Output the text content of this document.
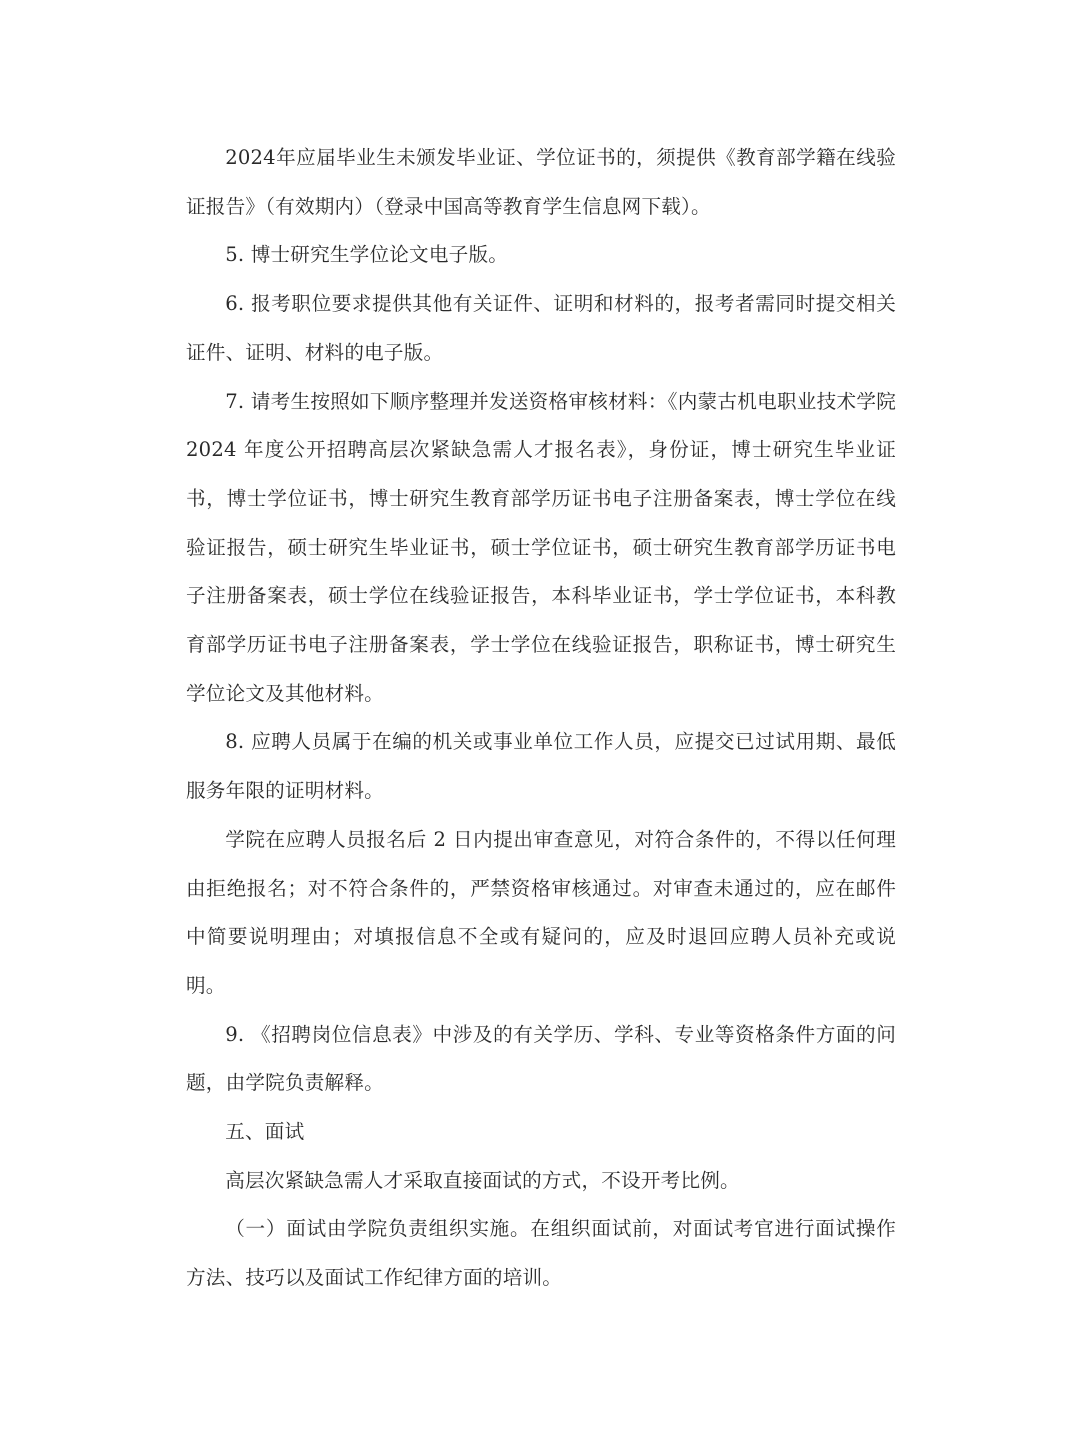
2024年应届毕业生未颁发毕业证、学位证书的，须提供《教育部学籍在线验证报告》（有效期内）（登录中国高等教育学生信息网下载）。

5. 博士研究生学位论文电子版。

6. 报考职位要求提供其他有关证件、证明和材料的，报考者需同时提交相关证件、证明、材料的电子版。

7. 请考生按照如下顺序整理并发送资格审核材料：《内蒙古机电职业技术学院 2024 年度公开招聘高层次紧缺急需人才报名表》，身份证，博士研究生毕业证书，博士学位证书，博士研究生教育部学历证书电子注册备案表，博士学位在线验证报告，硕士研究生毕业证书，硕士学位证书，硕士研究生教育部学历证书电子注册备案表，硕士学位在线验证报告，本科毕业证书，学士学位证书，本科教育部学历证书电子注册备案表，学士学位在线验证报告，职称证书，博士研究生学位论文及其他材料。

8. 应聘人员属于在编的机关或事业单位工作人员，应提交已过试用期、最低服务年限的证明材料。

学院在应聘人员报名后 2 日内提出审查意见，对符合条件的，不得以任何理由拒绝报名；对不符合条件的，严禁资格审核通过。对审查未通过的，应在邮件中简要说明理由；对填报信息不全或有疑问的，应及时退回应聘人员补充或说明。

9. 《招聘岗位信息表》中涉及的有关学历、学科、专业等资格条件方面的问题，由学院负责解释。

五、面试

高层次紧缺急需人才采取直接面试的方式，不设开考比例。

（一）面试由学院负责组织实施。在组织面试前，对面试考官进行面试操作方法、技巧以及面试工作纪律方面的培训。
